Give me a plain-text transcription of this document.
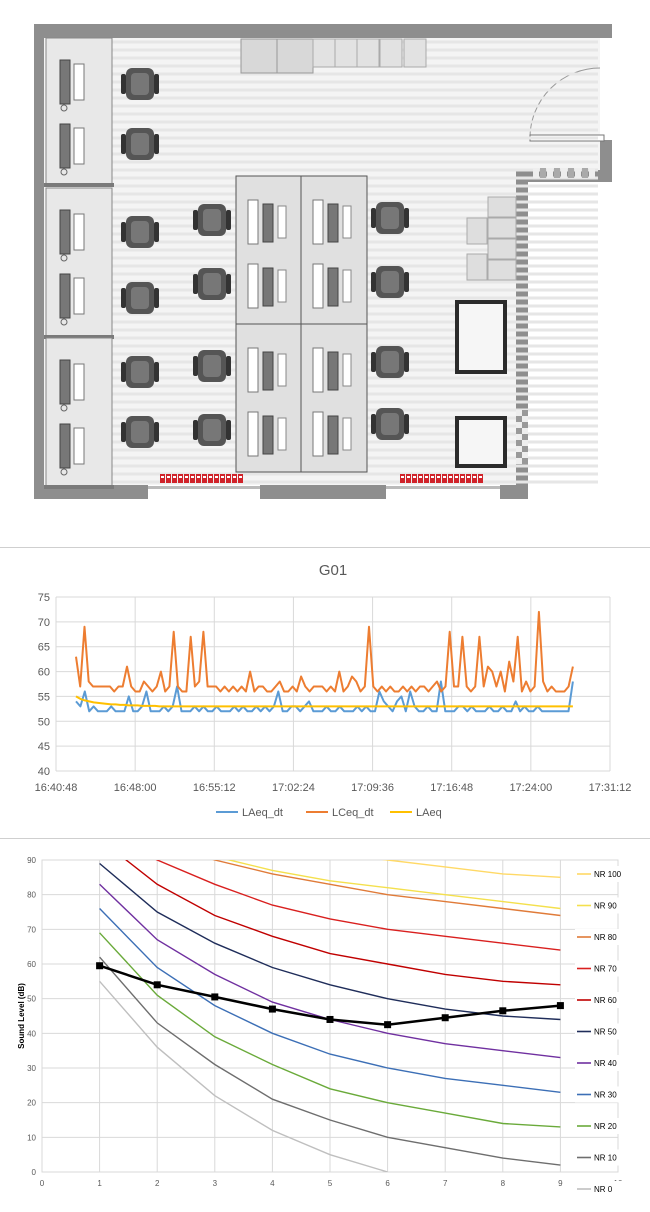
G01
40
45
50
55
60
65
70
75
16:40:48	16:48:00	16:55:12	17:02:24	17:09:36	17:16:48	17:24:00	17:31:12
LAeq_dt	LCeq_dt	LAeq
0
10
20
30
40
50
60
70
80
90
0	1	2	3	4	5	6	7	8	9
Sound Level (dB)
NR 100
NR 90
NR 80
NR 70
NR 60
NR 50
NR 40
NR 30
NR 20
NR 10
NR 0
